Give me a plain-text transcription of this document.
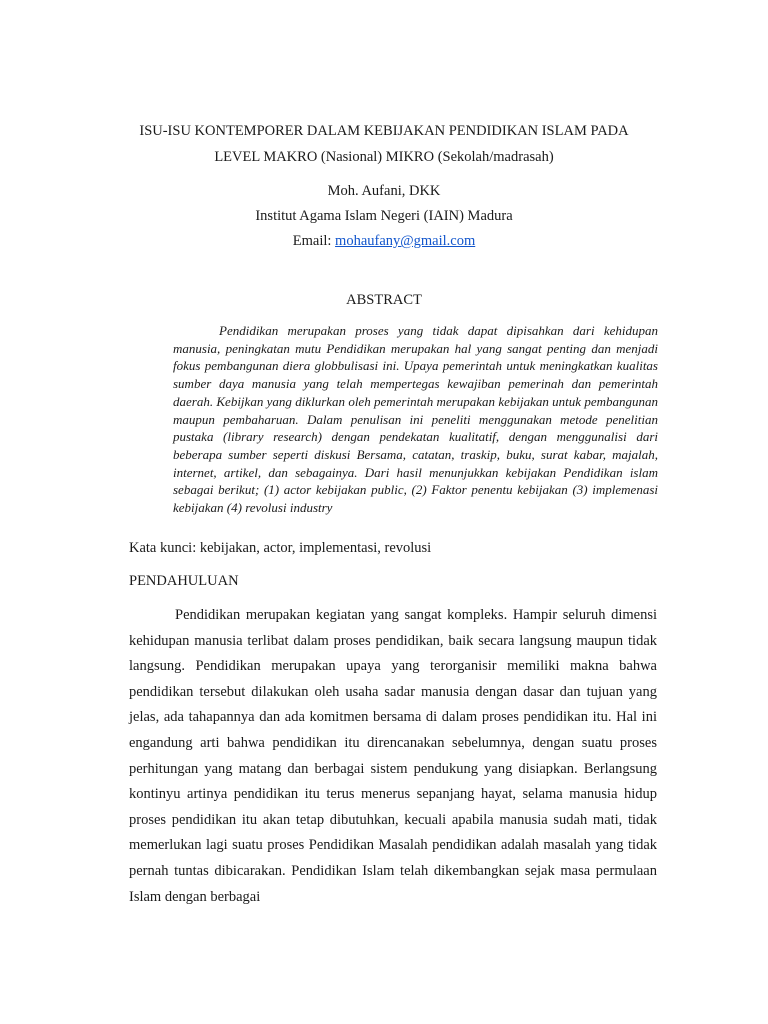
ISU-ISU KONTEMPORER DALAM KEBIJAKAN PENDIDIKAN ISLAM PADA
LEVEL MAKRO (Nasional) MIKRO (Sekolah/madrasah)
Moh. Aufani, DKK
Institut Agama Islam Negeri (IAIN) Madura
Email: mohaufany@gmail.com
ABSTRACT

Pendidikan merupakan proses yang tidak dapat dipisahkan dari kehidupan manusia, peningkatan mutu Pendidikan merupakan hal yang sangat penting dan menjadi fokus pembangunan diera globbulisasi ini. Upaya pemerintah untuk meningkatkan kualitas sumber daya manusia yang telah mempertegas kewajiban pemerinah dan pemerintah daerah. Kebijkan yang diklurkan oleh pemerintah merupakan kebijakan untuk pembangunan maupun pembaharuan. Dalam penulisan ini peneliti menggunakan metode penelitian pustaka (library research) dengan pendekatan kualitatif, dengan menggunalisi dari beberapa sumber seperti diskusi Bersama, catatan, traskip, buku, surat kabar, majalah, internet, artikel, dan sebagainya. Dari hasil menunjukkan kebijakan Pendidikan islam sebagai berikut; (1) actor kebijakan public, (2) Faktor penentu kebijakan (3) implemenasi kebijakan (4) revolusi industry

Kata kunci: kebijakan, actor, implementasi, revolusi
PENDAHULUAN

Pendidikan merupakan kegiatan yang sangat kompleks. Hampir seluruh dimensi kehidupan manusia terlibat dalam proses pendidikan, baik secara langsung maupun tidak langsung. Pendidikan merupakan upaya yang terorganisir memiliki makna bahwa pendidikan tersebut dilakukan oleh usaha sadar manusia dengan dasar dan tujuan yang jelas, ada tahapannya dan ada komitmen bersama di dalam proses pendidikan itu. Hal ini engandung arti bahwa pendidikan itu direncanakan sebelumnya, dengan suatu proses perhitungan yang matang dan berbagai sistem pendukung yang disiapkan. Berlangsung kontinyu artinya pendidikan itu terus menerus sepanjang hayat, selama manusia hidup proses pendidikan itu akan tetap dibutuhkan, kecuali apabila manusia sudah mati, tidak memerlukan lagi suatu proses Pendidikan Masalah pendidikan adalah masalah yang tidak pernah tuntas dibicarakan. Pendidikan Islam telah dikembangkan sejak masa permulaan Islam dengan berbagai
